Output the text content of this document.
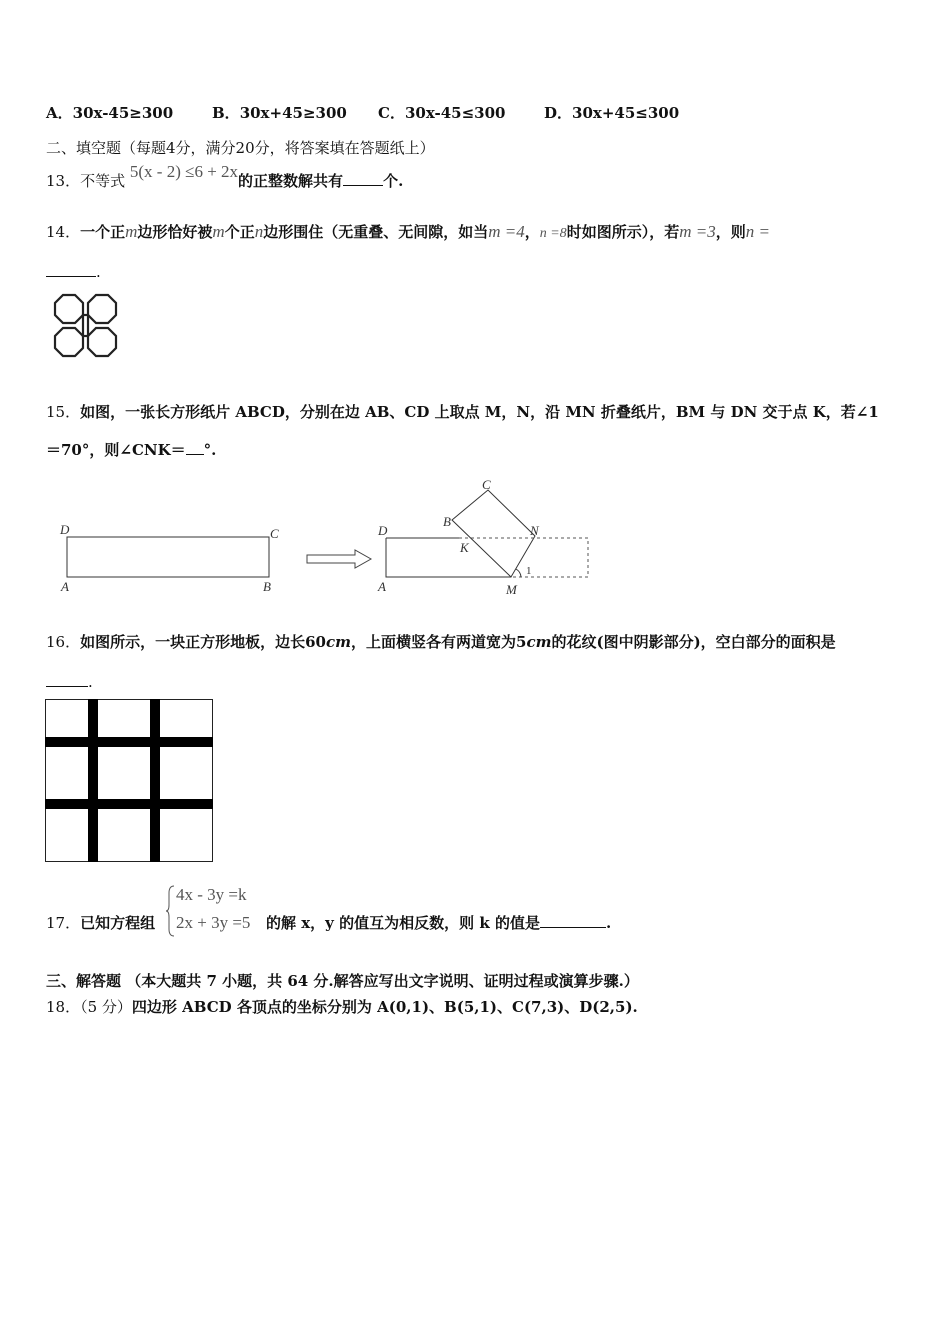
A．30x-45≥300	B．30x+45≥300 C．30x-45≤300	D．30x+45≤300
二、填空题（每题4分，满分20分，将答案填在答题纸上）
13．不等式 5(x - 2) ≤6 + 2x的正整数解共有	个.
14．一个正m边形恰好被m个正n边形围住（无重叠、无间隙，如当m =4，n =8时如图所示），若m =3，则n =
.
15．如图，一张长方形纸片 ABCD，分别在边 AB、CD 上取点 M，N，沿 MN 折叠纸片，BM 与 DN 交于点 K，若∠1
＝70°，则∠CNK＝ °.
D	C
A	B
D
B
C
N
K
A	M
1
16．如图所示，一块正方形地板，边长60cm，上面横竖各有两道宽为5cm的花纹(图中阴影部分)，空白部分的面积是
.
17．已知方程组
4x - 3y =k
2x + 3y =5 的解 x，y 的值互为相反数，则 k 的值是	.
三、解答题 （本大题共 7 小题，共 64 分.解答应写出文字说明、证明过程或演算步骤.）
18．（5 分）四边形 ABCD 各顶点的坐标分别为 A(0,1)、B(5,1)、C(7,3)、D(2,5).
